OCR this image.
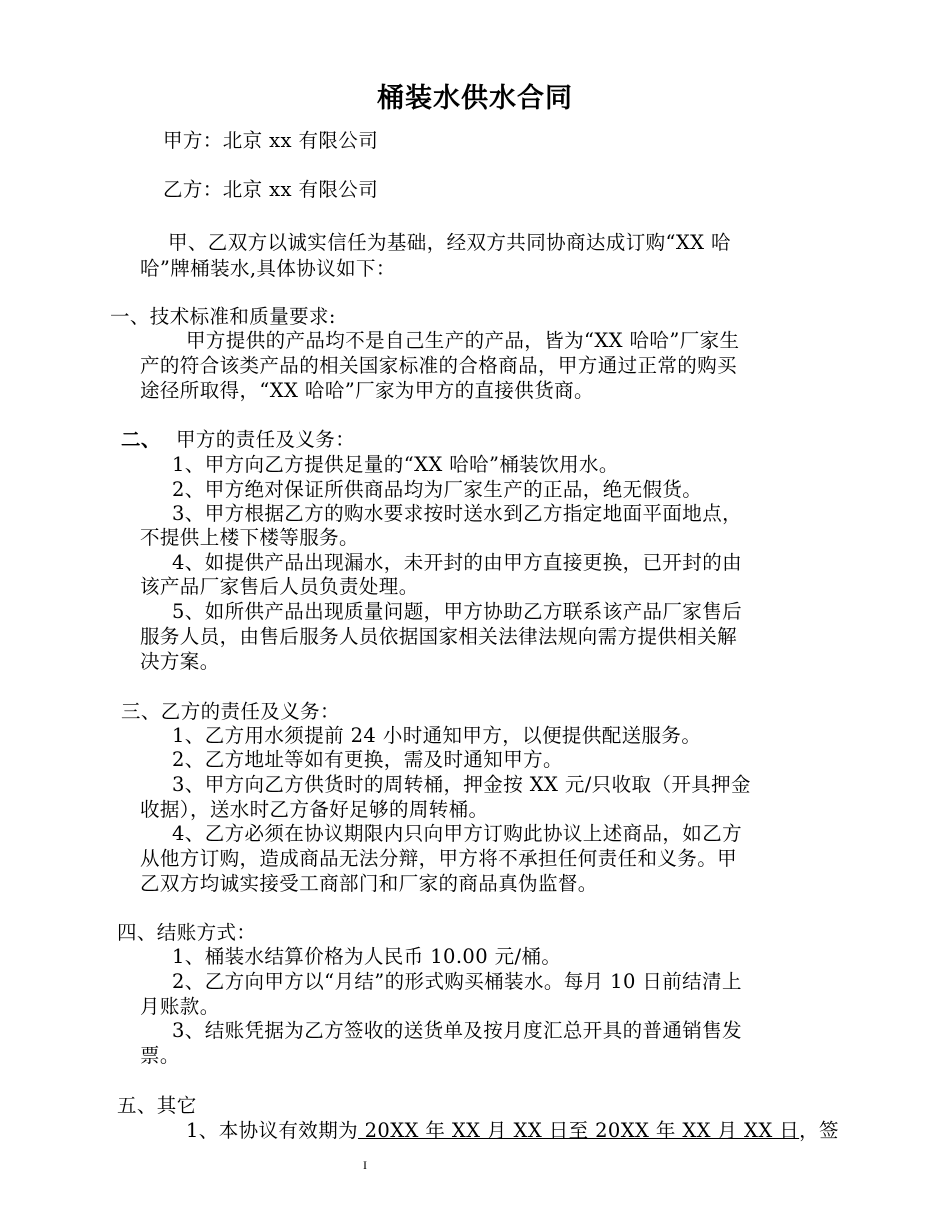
桶装水供水合同
甲方：北京 xx 有限公司
乙方：北京 xx 有限公司
甲、乙双方以诚实信任为基础，经双方共同协商达成订购“XX 哈
哈”牌桶装水,具体协议如下：
一、技术标准和质量要求:
甲方提供的产品均不是自己生产的产品，皆为“XX 哈哈”厂家生
产的符合该类产品的相关国家标准的合格商品，甲方通过正常的购买
途径所取得，“XX 哈哈”厂家为甲方的直接供货商。
二、 甲方的责任及义务：
1、甲方向乙方提供足量的“XX 哈哈”桶装饮用水。
2、甲方绝对保证所供商品均为厂家生产的正品，绝无假货。
3、甲方根据乙方的购水要求按时送水到乙方指定地面平面地点，
不提供上楼下楼等服务。
4、如提供产品出现漏水，未开封的由甲方直接更换，已开封的由
该产品厂家售后人员负责处理。
5、如所供产品出现质量问题，甲方协助乙方联系该产品厂家售后
服务人员，由售后服务人员依据国家相关法律法规向需方提供相关解
决方案。
三、乙方的责任及义务：
1、乙方用水须提前 24 小时通知甲方，以便提供配送服务。
2、乙方地址等如有更换，需及时通知甲方。
3、甲方向乙方供货时的周转桶，押金按 XX 元/只收取（开具押金
收据），送水时乙方备好足够的周转桶。
4、乙方必须在协议期限内只向甲方订购此协议上述商品，如乙方
从他方订购，造成商品无法分辩，甲方将不承担任何责任和义务。甲
乙双方均诚实接受工商部门和厂家的商品真伪监督。
四、结账方式：
1、桶装水结算价格为人民币 10.00 元/桶。
2、乙方向甲方以“月结”的形式购买桶装水。每月 10 日前结清上
月账款。
3、结账凭据为乙方签收的送货单及按月度汇总开具的普通销售发
票。
五、其它
1、本协议有效期为 20XX 年 XX 月 XX 日至 20XX 年 XX 月 XX 日，签
I
